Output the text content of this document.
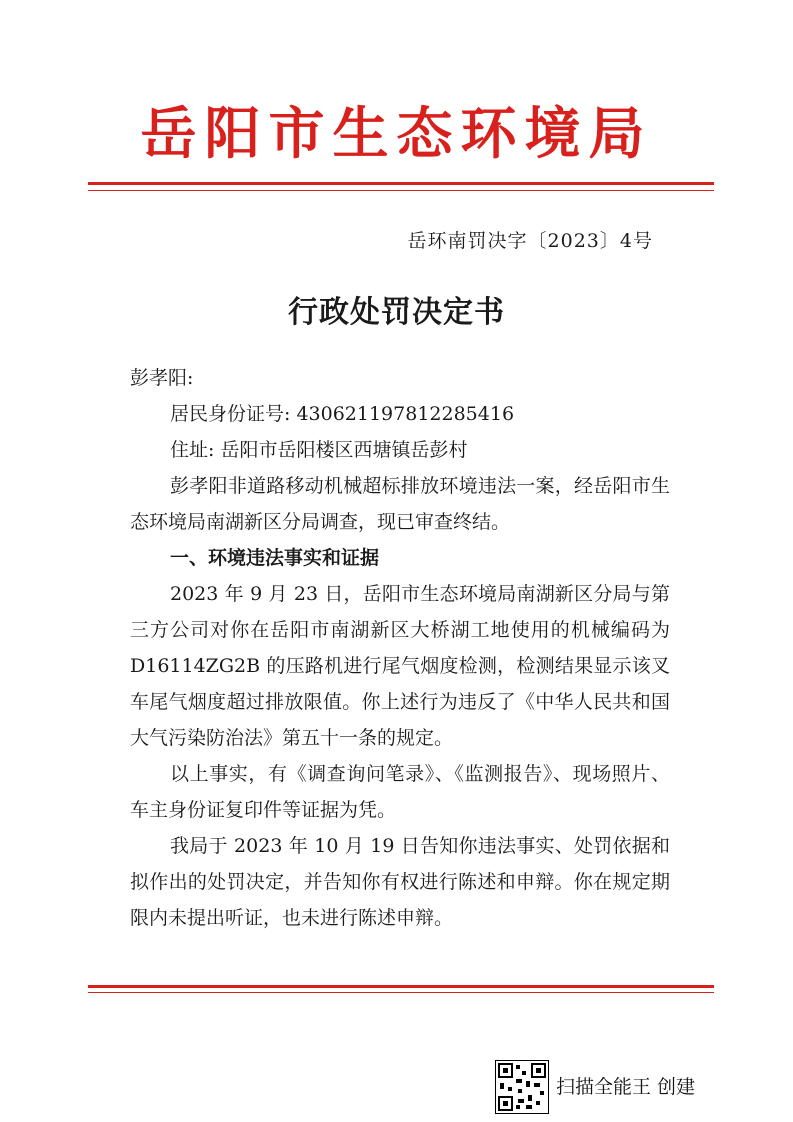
岳阳市生态环境局
岳环南罚决字〔2023〕4号
行政处罚决定书

彭孝阳:

居民身份证号: 430621197812285416

住址: 岳阳市岳阳楼区西塘镇岳彭村

彭孝阳非道路移动机械超标排放环境违法一案，经岳阳市生态环境局南湖新区分局调查，现已审查终结。

一、环境违法事实和证据

2023 年 9 月 23 日，岳阳市生态环境局南湖新区分局与第三方公司对你在岳阳市南湖新区大桥湖工地使用的机械编码为 D16114ZG2B 的压路机进行尾气烟度检测，检测结果显示该叉车尾气烟度超过排放限值。你上述行为违反了《中华人民共和国大气污染防治法》第五十一条的规定。

以上事实，有《调查询问笔录》、《监测报告》、现场照片、车主身份证复印件等证据为凭。

我局于 2023 年 10 月 19 日告知你违法事实、处罚依据和拟作出的处罚决定，并告知你有权进行陈述和申辩。你在规定期限内未提出听证，也未进行陈述申辩。

扫描全能王 创建
